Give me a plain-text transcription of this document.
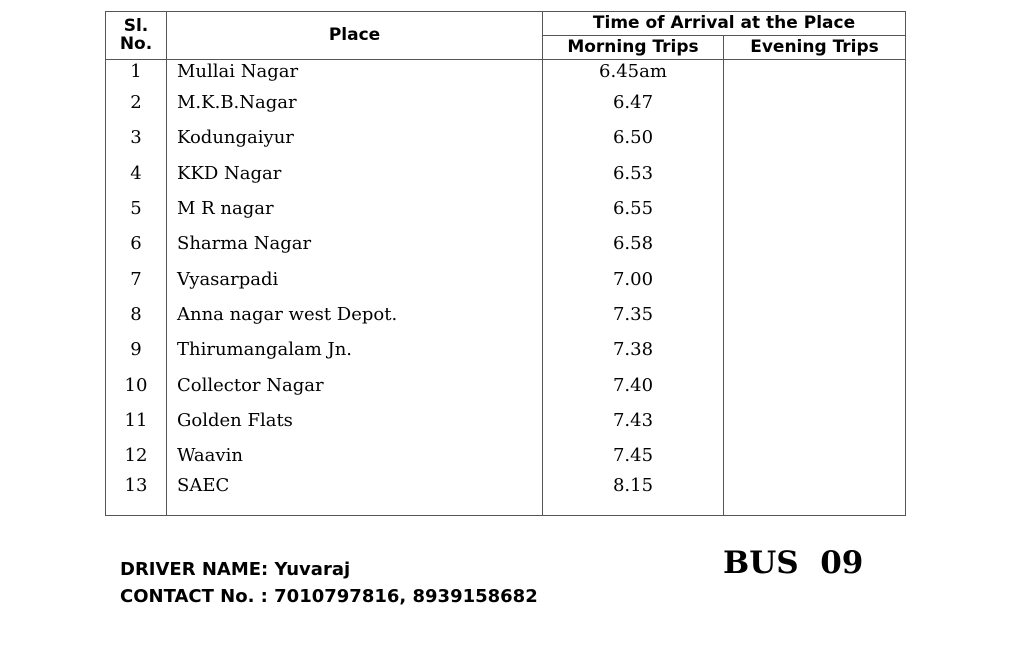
Sl.
No.	Place	Time of Arrival at the Place	
		Morning Trips	Evening Trips
1	Mullai Nagar	6.45am	
2	M.K.B.Nagar	6.47	
3	Kodungaiyur	6.50	
4	KKD Nagar	6.53	
5	M R nagar	6.55	
6	Sharma Nagar	6.58	
7	Vyasarpadi	7.00	
8	Anna nagar west Depot.	7.35	
9	Thirumangalam Jn.	7.38	
10	Collector Nagar	7.40	
11	Golden Flats	7.43	
12	Waavin	7.45	
13	SAEC	8.15	
DRIVER NAME: Yuvaraj
CONTACT No. : 7010797816, 8939158682
BUS  09
